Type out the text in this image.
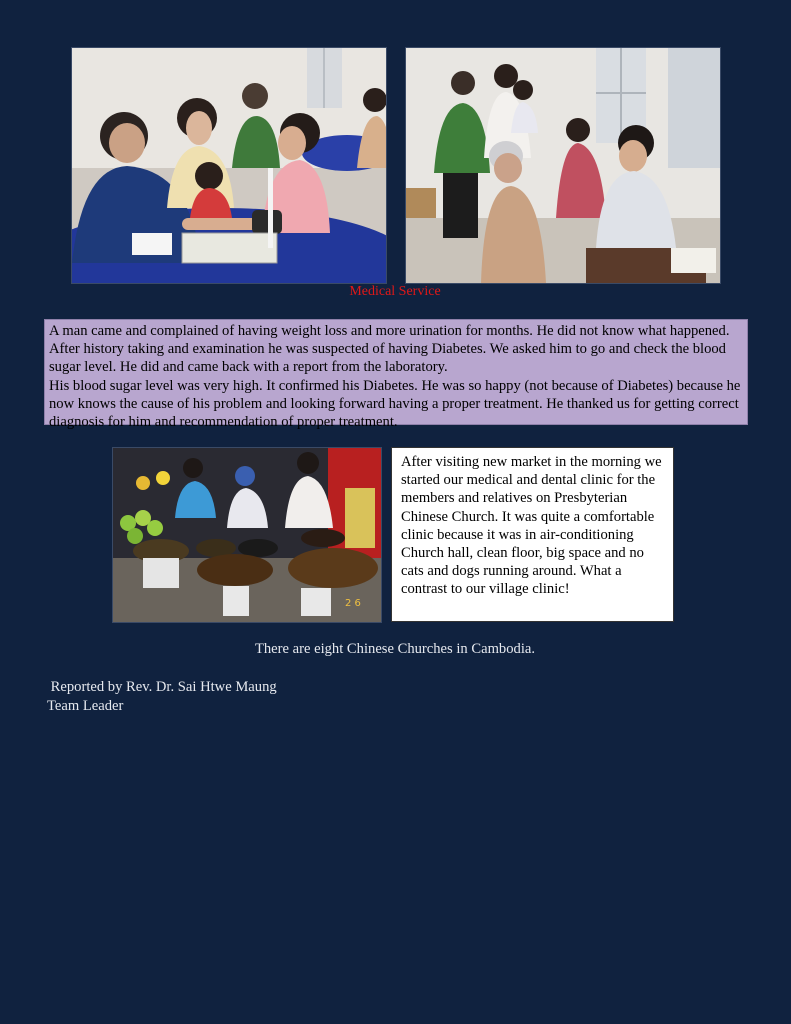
Medical Service

A man came and complained of having weight loss and more urination for months. He did not know what happened. After history taking and examination he was suspected of having Diabetes. We asked him to go and check the blood sugar level. He did and came back with a report from the laboratory.

His blood sugar level was very high. It confirmed his Diabetes. He was so happy (not because of Diabetes) because he now knows the cause of his problem and looking forward having a proper treatment. He thanked us for getting correct diagnosis for him and recommendation of proper treatment.

2 6
After visiting new market in the morning we started our medical and dental clinic for the members and relatives on Presbyterian Chinese Church. It was quite a comfortable clinic because it was in air-conditioning Church hall, clean floor, big space and no cats and dogs running around. What a contrast to our village clinic!
There are eight Chinese Churches in Cambodia.
Reported by Rev. Dr. Sai Htwe Maung
Team Leader
